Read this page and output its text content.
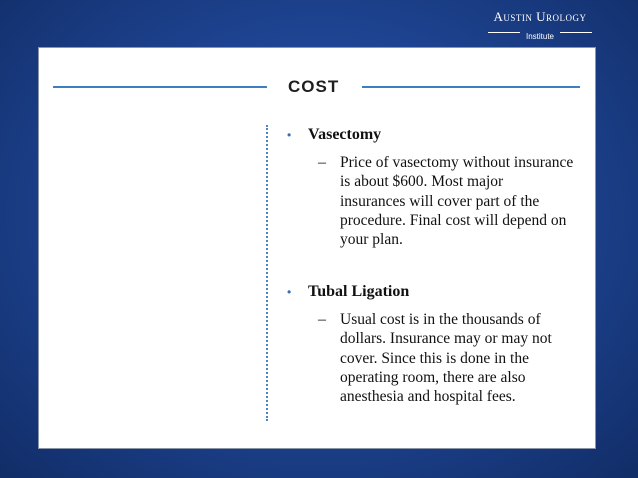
Austin Urology
Institute
COST
•	Vasectomy
‒ Price of vasectomy without insurance
is about $600. Most major
insurances will cover part of the
procedure. Final cost will depend on
your plan.
•	Tubal Ligation
‒ Usual cost is in the thousands of
dollars. Insurance may or may not
cover. Since this is done in the
operating room, there are also
anesthesia and hospital fees.
